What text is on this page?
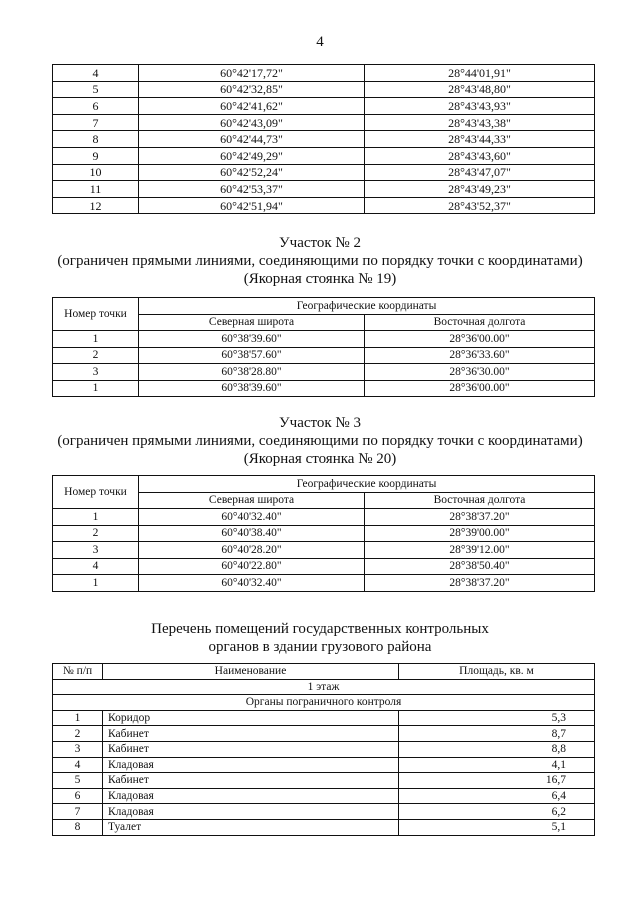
4
4	60°42'17,72"	28°44'01,91"
5	60°42'32,85"	28°43'48,80"
6	60°42'41,62"	28°43'43,93"
7	60°42'43,09"	28°43'43,38"
8	60°42'44,73"	28°43'44,33"
9	60°42'49,29"	28°43'43,60"
10	60°42'52,24"	28°43'47,07"
11	60°42'53,37"	28°43'49,23"
12	60°42'51,94"	28°43'52,37"
Участок № 2
(ограничен прямыми линиями, соединяющими по порядку точки с координатами)
(Якорная стоянка № 19)
Номер точки	Географические координаты	
	Северная широта	Восточная долгота
1	60°38'39.60"	28°36'00.00"
2	60°38'57.60"	28°36'33.60"
3	60°38'28.80"	28°36'30.00"
1	60°38'39.60"	28°36'00.00"
Участок № 3
(ограничен прямыми линиями, соединяющими по порядку точки с координатами)
(Якорная стоянка № 20)
Номер точки	Географические координаты	
	Северная широта	Восточная долгота
1	60°40'32.40"	28°38'37.20"
2	60°40'38.40"	28°39'00.00"
3	60°40'28.20"	28°39'12.00"
4	60°40'22.80"	28°38'50.40"
1	60°40'32.40"	28°38'37.20"
Перечень помещений государственных контрольных
органов в здании грузового района
№ п/п	Наименование	Площадь, кв. м
1 этаж		
Органы пограничного контроля		
1	Коридор	5,3
2	Кабинет	8,7
3	Кабинет	8,8
4	Кладовая	4,1
5	Кабинет	16,7
6	Кладовая	6,4
7	Кладовая	6,2
8	Туалет	5,1
